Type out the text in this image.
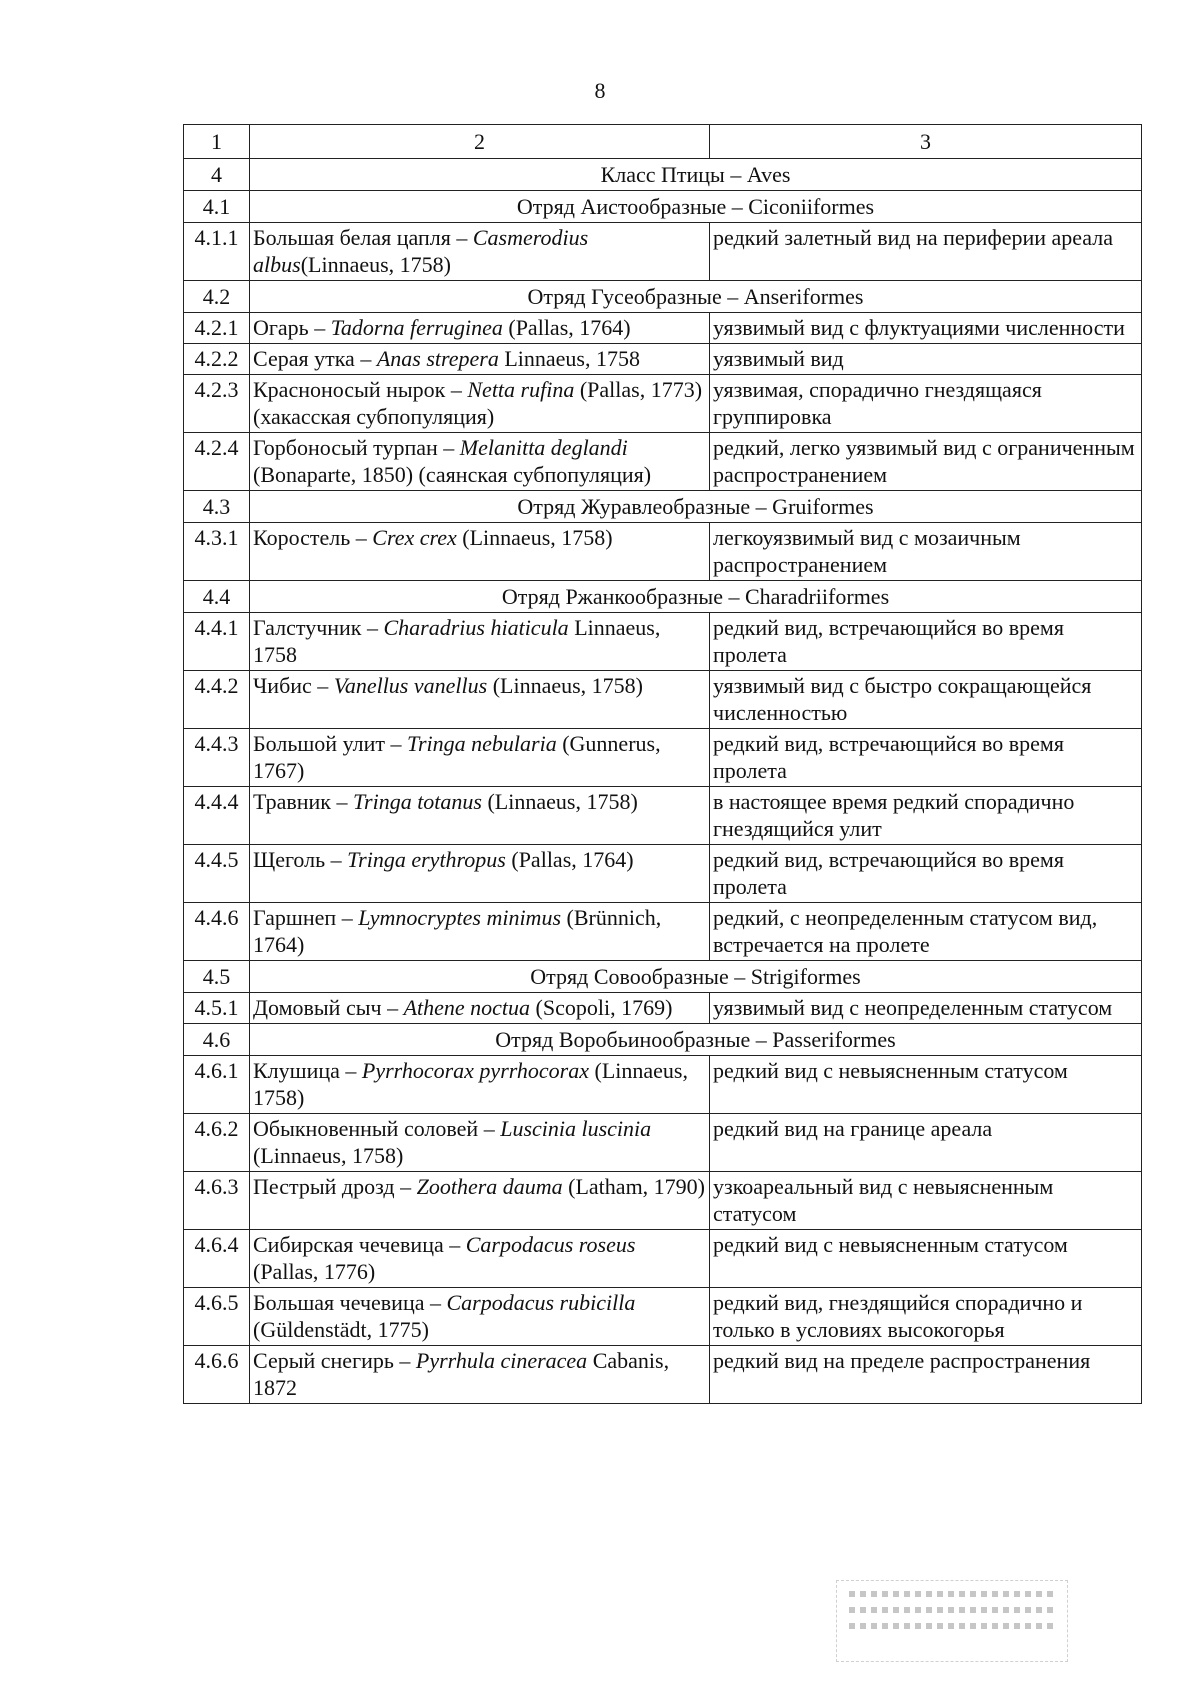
8
1	2	3
4	Класс Птицы – Aves	
4.1	Отряд Аистообразные – Ciconiiformes	
4.1.1	Большая белая цапля – Casmerodius albus(Linnaeus, 1758)	редкий залетный вид на периферии ареала
4.2	Отряд Гусеобразные – Anseriformes	
4.2.1	Огарь – Tadorna ferruginea (Pallas, 1764)	уязвимый вид с флуктуациями численности
4.2.2	Серая утка – Anas strepera Linnaeus, 1758	уязвимый вид
4.2.3	Красноносый нырок – Netta rufina (Pallas, 1773) (хакасская субпопуляция)	уязвимая, спорадично гнездящаяся группировка
4.2.4	Горбоносый турпан – Melanitta deglandi (Bonaparte, 1850) (саянская субпопуляция)	редкий, легко уязвимый вид с ограниченным распространением
4.3	Отряд Журавлеобразные – Gruiformes	
4.3.1	Коростель – Crex crex (Linnaeus, 1758)	легкоуязвимый вид с мозаичным распространением
4.4	Отряд Ржанкообразные – Charadriiformes	
4.4.1	Галстучник – Charadrius hiaticula Linnaeus, 1758	редкий вид, встречающийся во время пролета
4.4.2	Чибис – Vanellus vanellus (Linnaeus, 1758)	уязвимый вид с быстро сокращающейся численностью
4.4.3	Большой улит – Tringa nebularia (Gunnerus, 1767)	редкий вид, встречающийся во время пролета
4.4.4	Травник – Tringa totanus (Linnaeus, 1758)	в настоящее время редкий спорадично гнездящийся улит
4.4.5	Щеголь – Tringa erythropus (Pallas, 1764)	редкий вид, встречающийся во время пролета
4.4.6	Гаршнеп – Lymnocryptes minimus (Brünnich, 1764)	редкий, с неопределенным статусом вид, встречается на пролете
4.5	Отряд Совообразные – Strigiformes	
4.5.1	Домовый сыч – Athene noctua (Scopoli, 1769)	уязвимый вид с неопределенным статусом
4.6	Отряд Воробьинообразные – Passeriformes	
4.6.1	Клушица – Pyrrhocorax pyrrhocorax (Linnaeus, 1758)	редкий вид с невыясненным статусом
4.6.2	Обыкновенный соловей – Luscinia luscinia (Linnaeus, 1758)	редкий вид на границе ареала
4.6.3	Пестрый дрозд – Zoothera dauma (Latham, 1790)	узкоареальный вид с невыясненным статусом
4.6.4	Сибирская чечевица – Carpodacus roseus (Pallas, 1776)	редкий вид с невыясненным статусом
4.6.5	Большая чечевица – Carpodacus rubicilla (Güldenstädt, 1775)	редкий вид, гнездящийся спорадично и только в условиях высокогорья
4.6.6	Серый снегирь – Pyrrhula cineracea Cabanis, 1872	редкий вид на пределе распространения
